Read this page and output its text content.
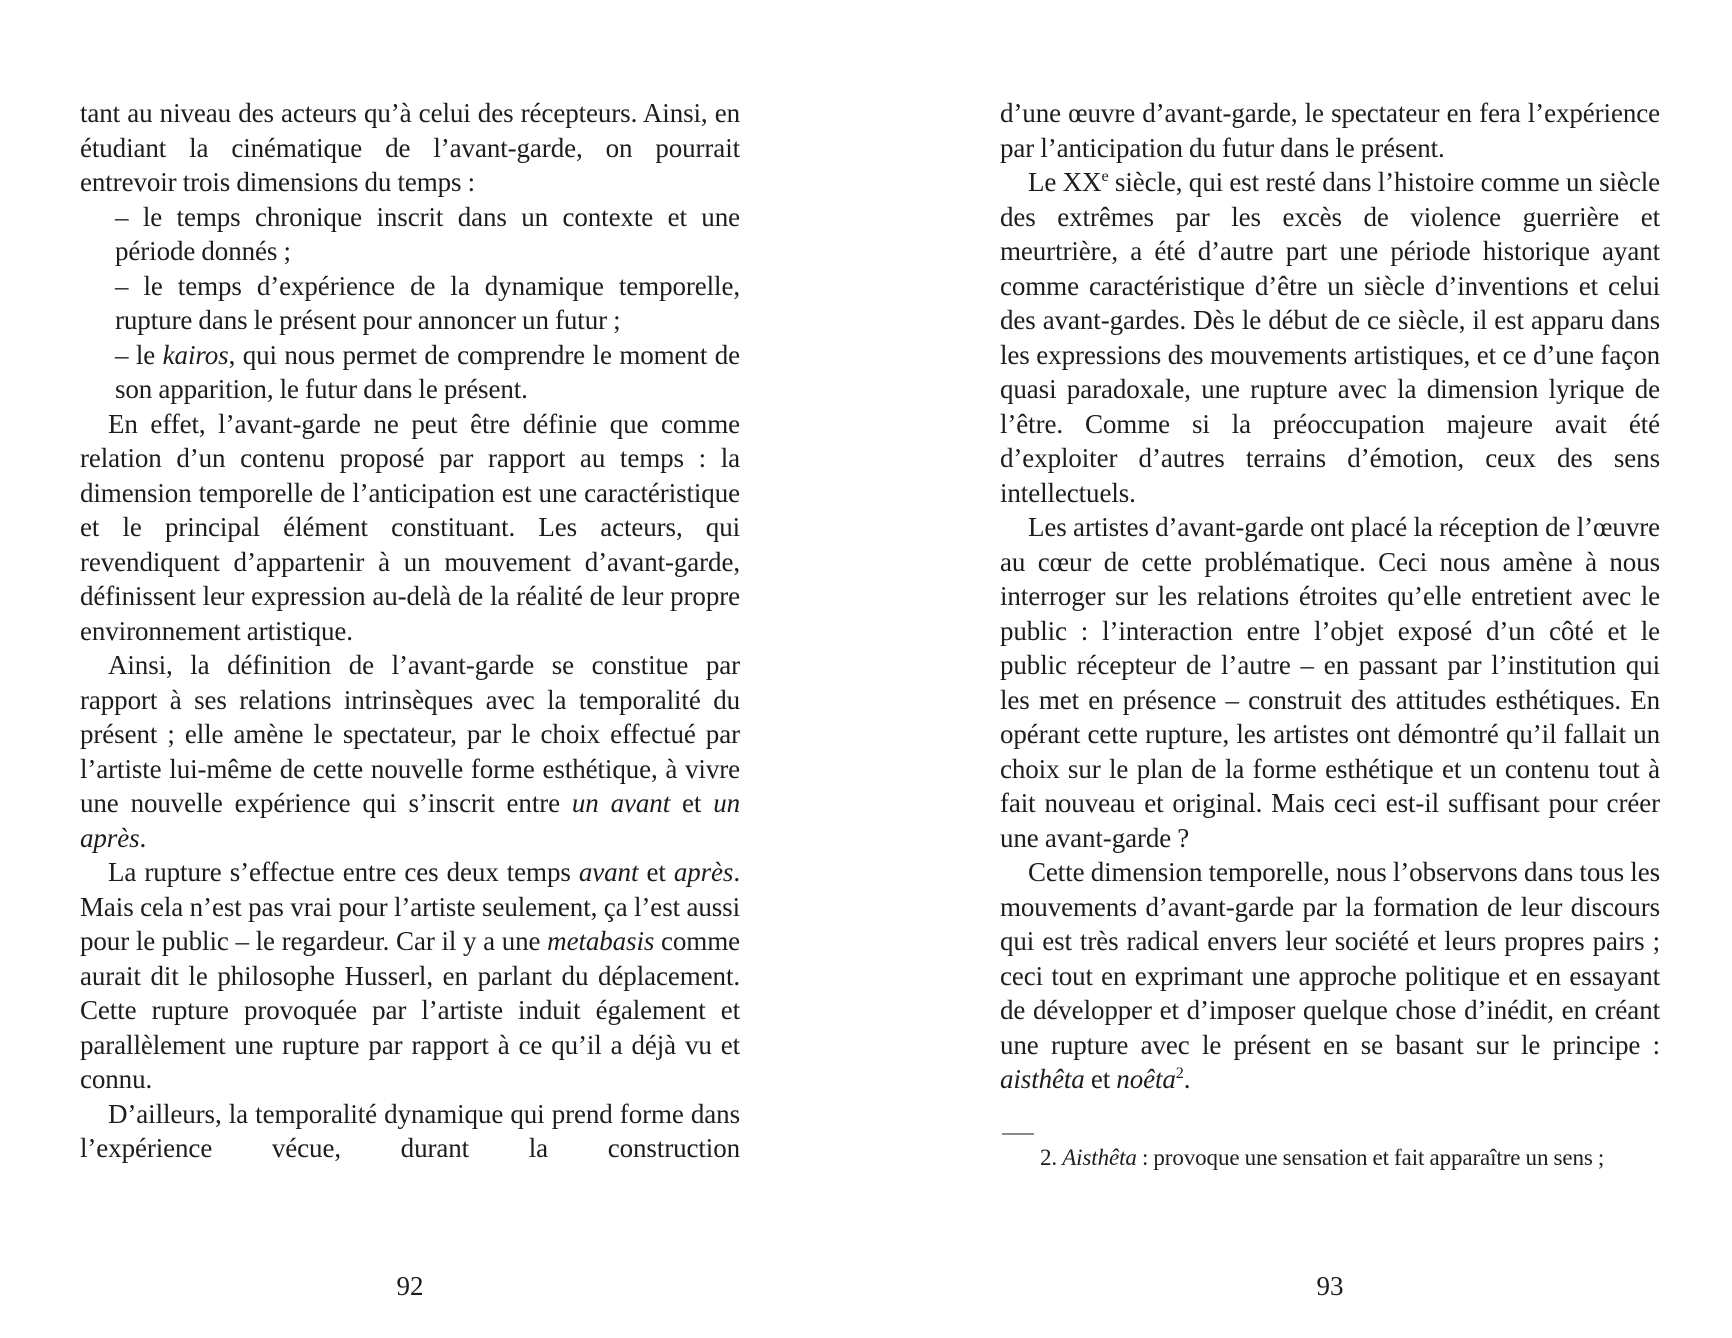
tant au niveau des acteurs qu’à celui des récepteurs. Ainsi, en étudiant la cinématique de l’avant-garde, on pourrait entrevoir trois dimensions du temps :

– le temps chronique inscrit dans un contexte et une période donnés ;

– le temps d’expérience de la dynamique temporelle, rupture dans le présent pour annoncer un futur ;

– le kairos, qui nous permet de comprendre le moment de son apparition, le futur dans le présent.

En effet, l’avant-garde ne peut être définie que comme relation d’un contenu proposé par rapport au temps : la dimension temporelle de l’anticipation est une caractéristique et le principal élément constituant. Les acteurs, qui revendiquent d’appartenir à un mouvement d’avant-garde, définissent leur expression au-delà de la réalité de leur propre environnement artistique.

Ainsi, la définition de l’avant-garde se constitue par rapport à ses relations intrinsèques avec la temporalité du présent ; elle amène le spectateur, par le choix effectué par l’artiste lui-même de cette nouvelle forme esthétique, à vivre une nouvelle expérience qui s’inscrit entre un avant et un après.

La rupture s’effectue entre ces deux temps avant et après. Mais cela n’est pas vrai pour l’artiste seulement, ça l’est aussi pour le public – le regardeur. Car il y a une metabasis comme aurait dit le philosophe Husserl, en parlant du déplacement. Cette rupture provoquée par l’artiste induit également et parallèlement une rupture par rapport à ce qu’il a déjà vu et connu.

D’ailleurs, la temporalité dynamique qui prend forme dans l’expérience vécue, durant la construction

92

d’une œuvre d’avant-garde, le spectateur en fera l’expérience par l’anticipation du futur dans le présent.

Le XXe siècle, qui est resté dans l’histoire comme un siècle des extrêmes par les excès de violence guerrière et meurtrière, a été d’autre part une période historique ayant comme caractéristique d’être un siècle d’inventions et celui des avant-gardes. Dès le début de ce siècle, il est apparu dans les expressions des mouvements artistiques, et ce d’une façon quasi paradoxale, une rupture avec la dimension lyrique de l’être. Comme si la préoccupation majeure avait été d’exploiter d’autres terrains d’émotion, ceux des sens intellectuels.

Les artistes d’avant-garde ont placé la réception de l’œuvre au cœur de cette problématique. Ceci nous amène à nous interroger sur les relations étroites qu’elle entretient avec le public : l’interaction entre l’objet exposé d’un côté et le public récepteur de l’autre – en passant par l’institution qui les met en présence – construit des attitudes esthétiques. En opérant cette rupture, les artistes ont démontré qu’il fallait un choix sur le plan de la forme esthétique et un contenu tout à fait nouveau et original. Mais ceci est-il suffisant pour créer une avant-garde ?

Cette dimension temporelle, nous l’observons dans tous les mouvements d’avant-garde par la formation de leur discours qui est très radical envers leur société et leurs propres pairs ; ceci tout en exprimant une approche politique et en essayant de développer et d’imposer quelque chose d’inédit, en créant une rupture avec le présent en se basant sur le principe : aisthêta et noêta$^2$.

2. Aisthêta : provoque une sensation et fait apparaître un sens ;

93
